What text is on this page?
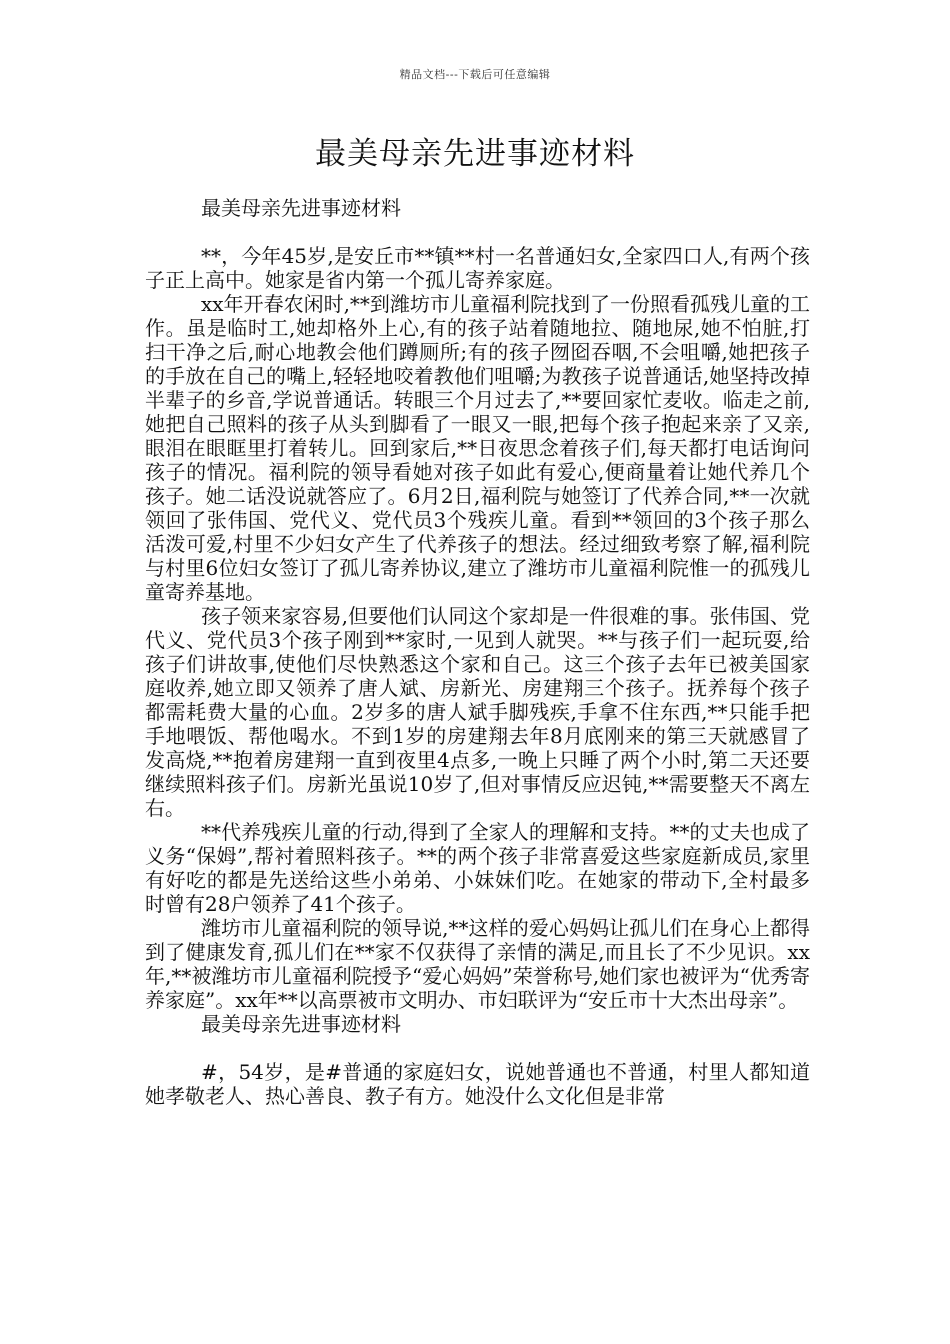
精品文档---下载后可任意编辑
最美母亲先进事迹材料

最美母亲先进事迹材料

**，今年45岁,是安丘市**镇**村一名普通妇女,全家四口人,有两个孩子正上高中。她家是省内第一个孤儿寄养家庭。

xx年开春农闲时,**到潍坊市儿童福利院找到了一份照看孤残儿童的工作。虽是临时工,她却格外上心,有的孩子站着随地拉、随地尿,她不怕脏,打扫干净之后,耐心地教会他们蹲厕所;有的孩子囫囵吞咽,不会咀嚼,她把孩子的手放在自己的嘴上,轻轻地咬着教他们咀嚼;为教孩子说普通话,她坚持改掉半辈子的乡音,学说普通话。转眼三个月过去了,**要回家忙麦收。临走之前,她把自己照料的孩子从头到脚看了一眼又一眼,把每个孩子抱起来亲了又亲,眼泪在眼眶里打着转儿。回到家后,**日夜思念着孩子们,每天都打电话询问孩子的情况。福利院的领导看她对孩子如此有爱心,便商量着让她代养几个孩子。她二话没说就答应了。6月2日,福利院与她签订了代养合同,**一次就领回了张伟国、党代义、党代员3个残疾儿童。看到**领回的3个孩子那么活泼可爱,村里不少妇女产生了代养孩子的想法。经过细致考察了解,福利院与村里6位妇女签订了孤儿寄养协议,建立了潍坊市儿童福利院惟一的孤残儿童寄养基地。

孩子领来家容易,但要他们认同这个家却是一件很难的事。张伟国、党代义、党代员3个孩子刚到**家时,一见到人就哭。**与孩子们一起玩耍,给孩子们讲故事,使他们尽快熟悉这个家和自己。这三个孩子去年已被美国家庭收养,她立即又领养了唐人斌、房新光、房建翔三个孩子。抚养每个孩子都需耗费大量的心血。2岁多的唐人斌手脚残疾,手拿不住东西,**只能手把手地喂饭、帮他喝水。不到1岁的房建翔去年8月底刚来的第三天就感冒了发高烧,**抱着房建翔一直到夜里4点多,一晚上只睡了两个小时,第二天还要继续照料孩子们。房新光虽说10岁了,但对事情反应迟钝,**需要整天不离左右。

**代养残疾儿童的行动,得到了全家人的理解和支持。**的丈夫也成了义务“保姆”,帮衬着照料孩子。**的两个孩子非常喜爱这些家庭新成员,家里有好吃的都是先送给这些小弟弟、小妹妹们吃。在她家的带动下,全村最多时曾有28户领养了41个孩子。

潍坊市儿童福利院的领导说,**这样的爱心妈妈让孤儿们在身心上都得到了健康发育,孤儿们在**家不仅获得了亲情的满足,而且长了不少见识。xx年,**被潍坊市儿童福利院授予“爱心妈妈”荣誉称号,她们家也被评为“优秀寄养家庭”。xx年**以高票被市文明办、市妇联评为“安丘市十大杰出母亲”。

最美母亲先进事迹材料

#，54岁，是#普通的家庭妇女，说她普通也不普通，村里人都知道她孝敬老人、热心善良、教子有方。她没什么文化但是非常
